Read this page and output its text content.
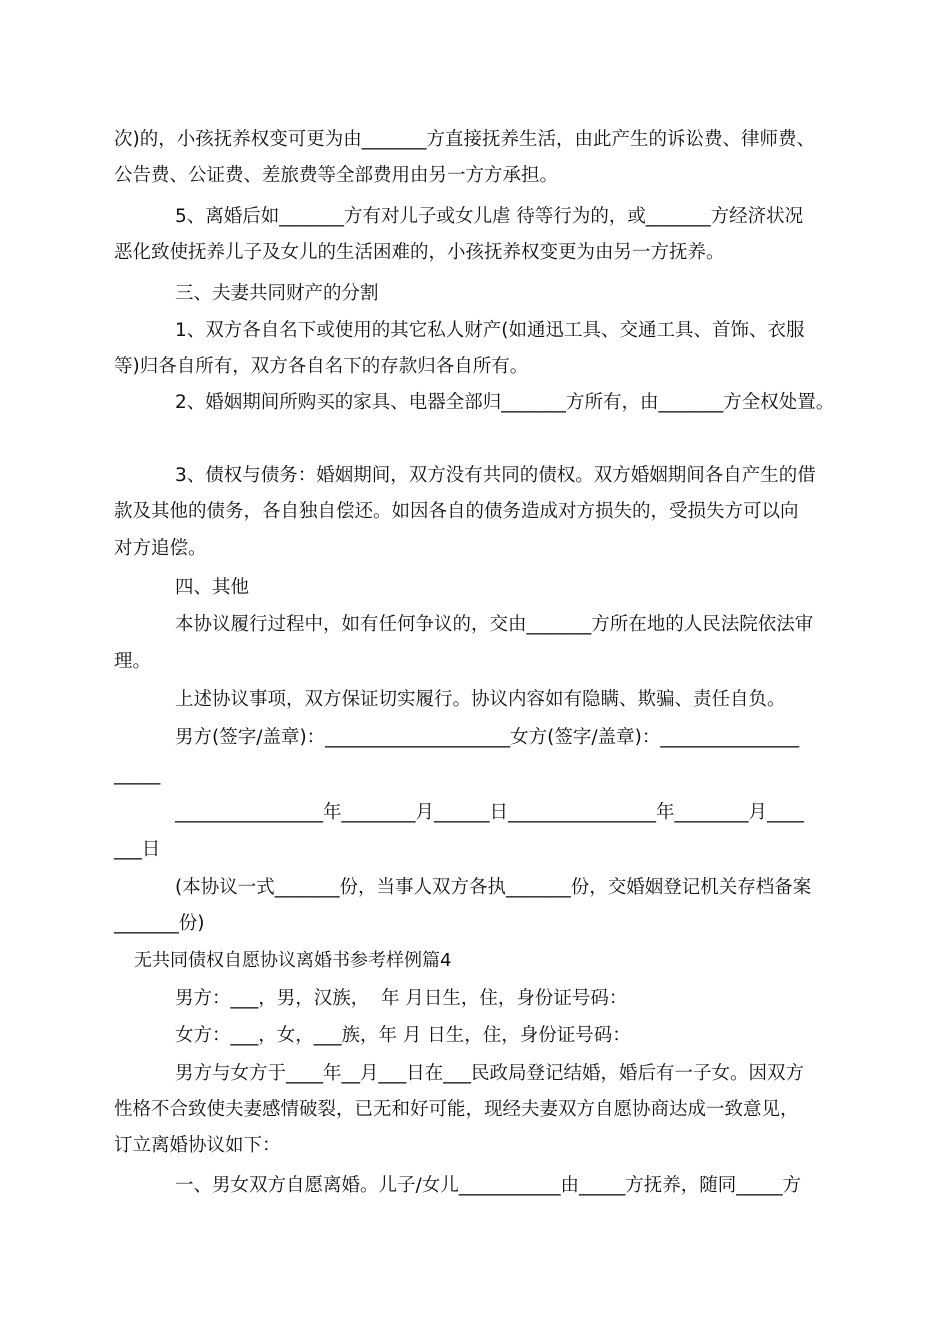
次)的，小孩抚养权变可更为由_______方直接抚养生活，由此产生的诉讼费、律师费、
公告费、公证费、差旅费等全部费用由另一方方承担。
5、离婚后如_______方有对儿子或女儿虐 待等行为的，或_______方经济状况
恶化致使抚养儿子及女儿的生活困难的，小孩抚养权变更为由另一方抚养。
三、夫妻共同财产的分割
1、双方各自名下或使用的其它私人财产(如通迅工具、交通工具、首饰、衣服
等)归各自所有，双方各自名下的存款归各自所有。
2、婚姻期间所购买的家具、电器全部归_______方所有，由_______方全权处置。
3、债权与债务：婚姻期间，双方没有共同的债权。双方婚姻期间各自产生的借
款及其他的债务，各自独自偿还。如因各自的债务造成对方损失的，受损失方可以向
对方追偿。
四、其他
本协议履行过程中，如有任何争议的，交由_______方所在地的人民法院依法审
理。
上述协议事项，双方保证切实履行。协议内容如有隐瞒、欺骗、责任自负。
男方(签字/盖章)：____________________女方(签字/盖章)：_______________
_____
________________年________月______日________________年________月____
___日
(本协议一式_______份，当事人双方各执_______份，交婚姻登记机关存档备案
_______份)
无共同债权自愿协议离婚书参考样例篇4
男方：___，男，汉族，  年 月日生，住，身份证号码：
女方：___，女，___族，年 月 日生，住，身份证号码：
男方与女方于____年__月___日在___民政局登记结婚，婚后有一子女。因双方
性格不合致使夫妻感情破裂，已无和好可能，现经夫妻双方自愿协商达成一致意见，
订立离婚协议如下：
一、男女双方自愿离婚。儿子/女儿___________由_____方抚养，随同_____方
